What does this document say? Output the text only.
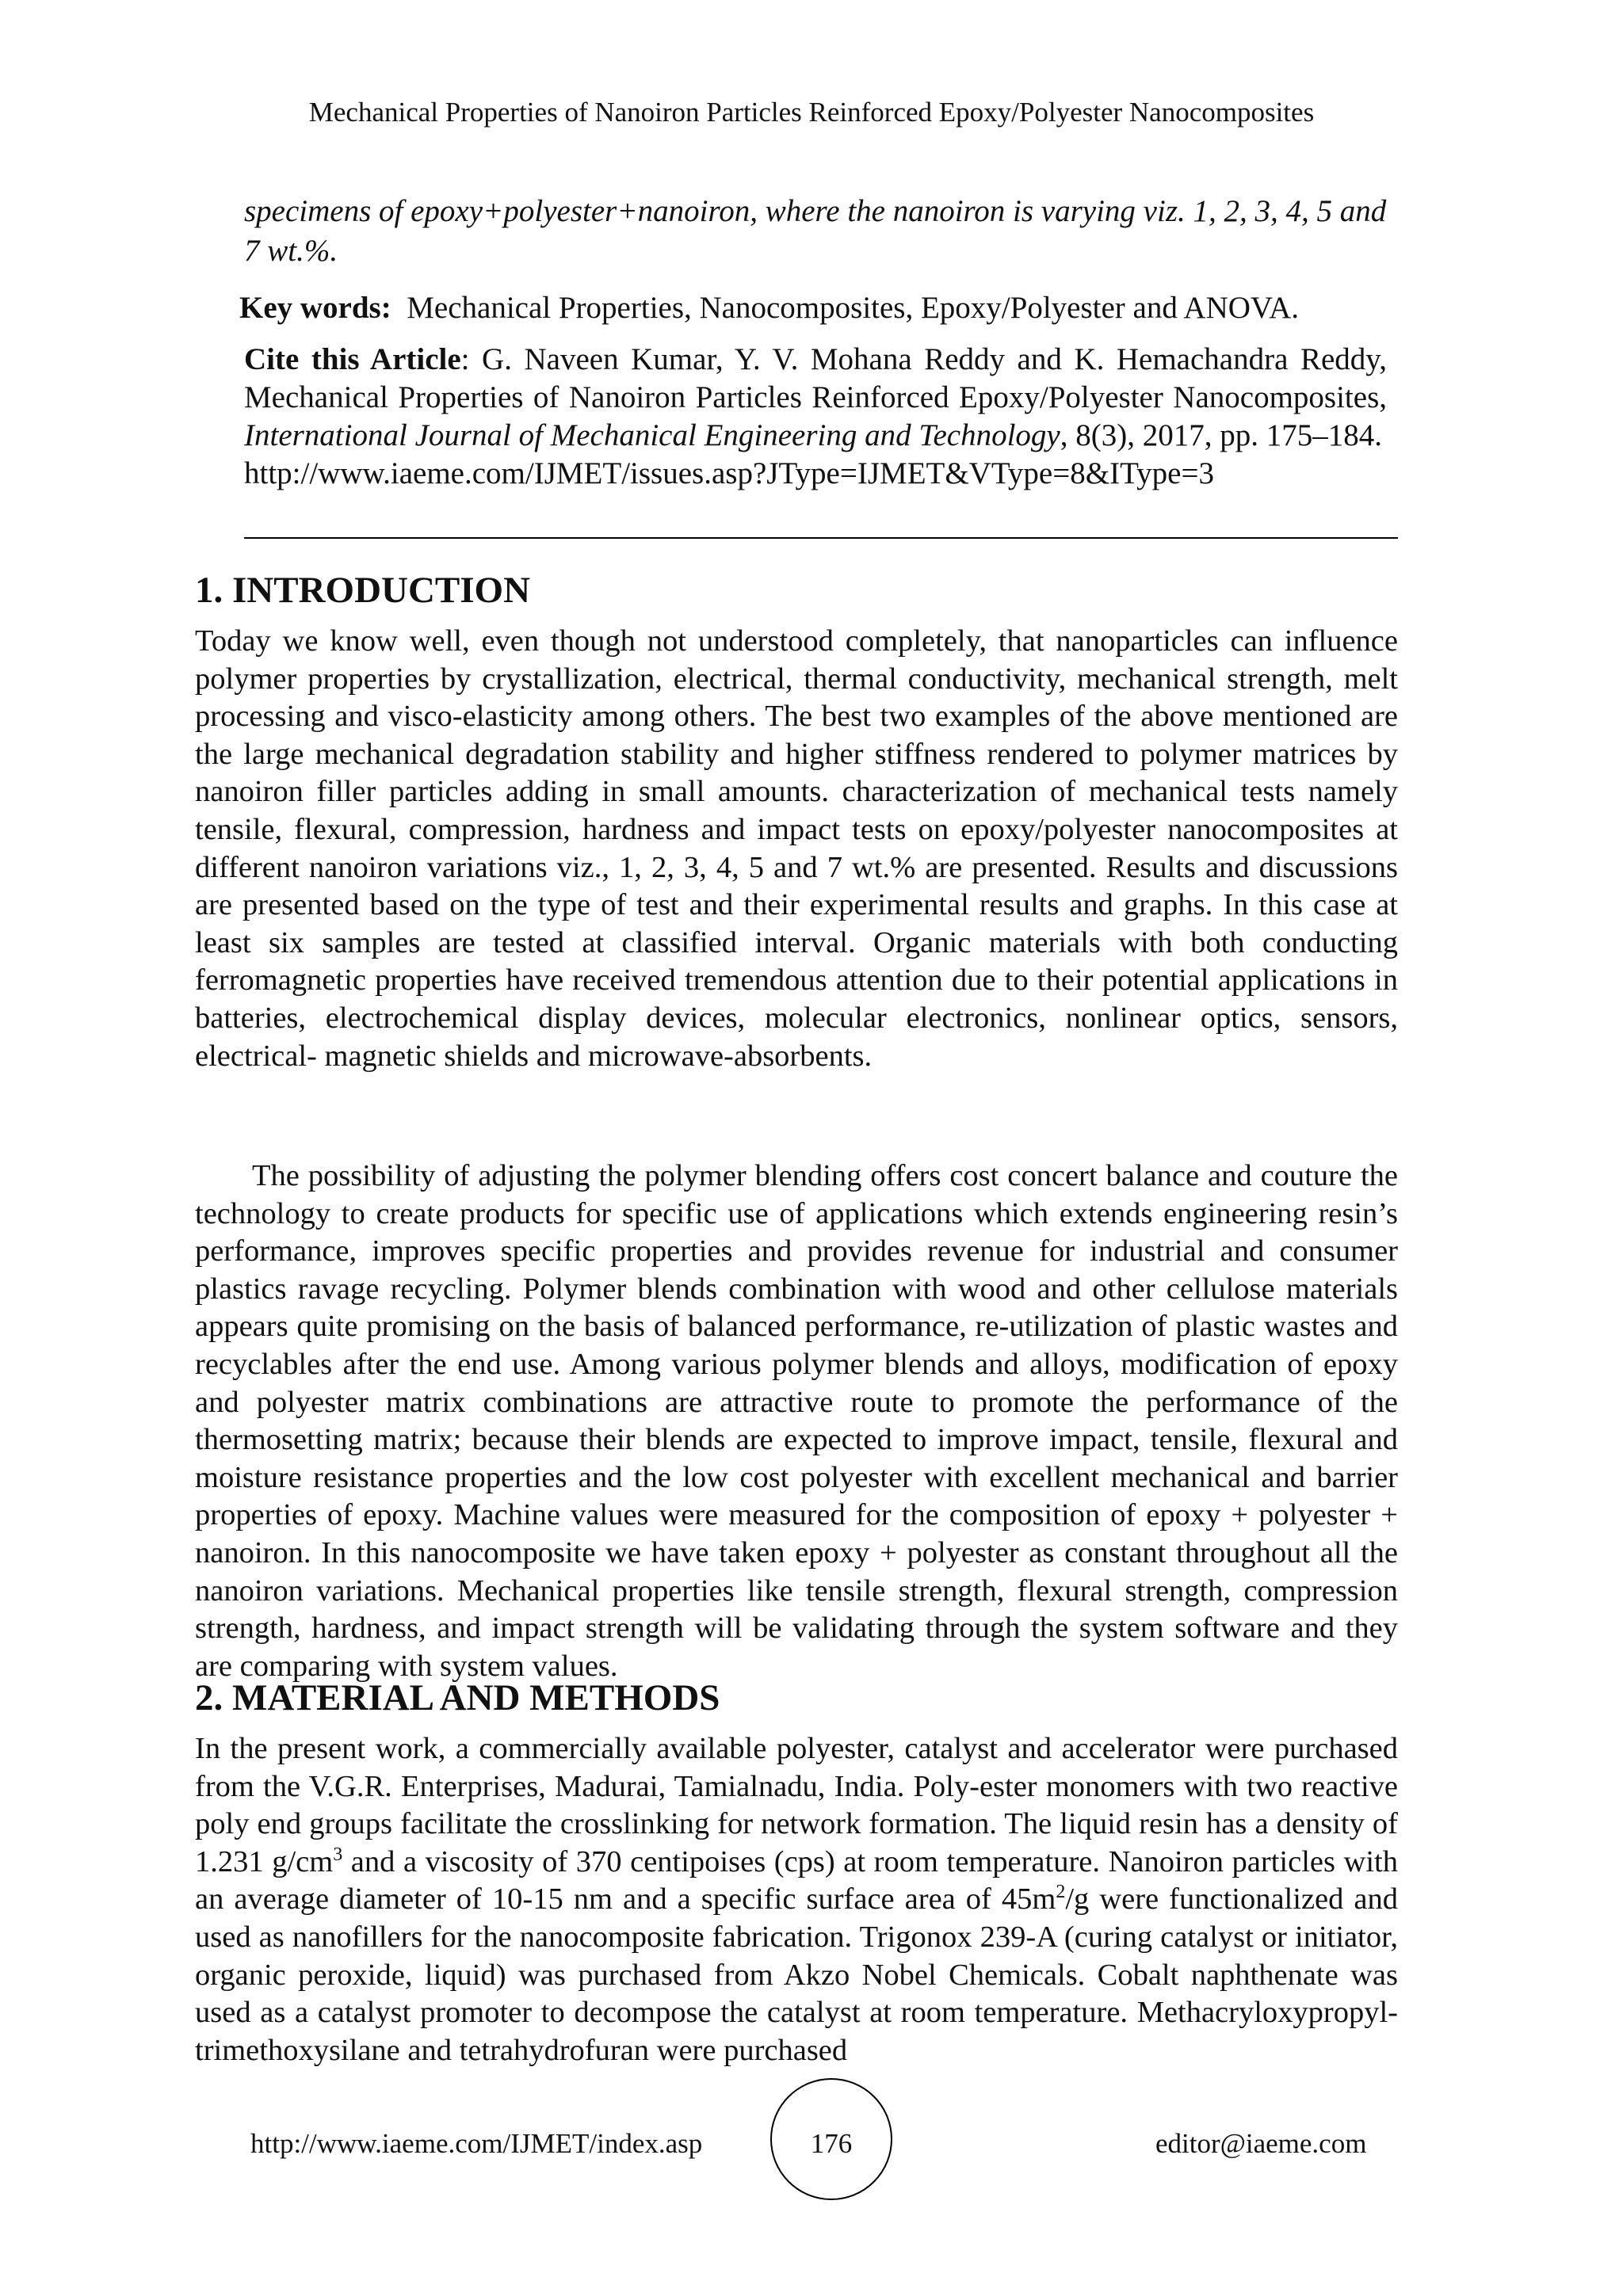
Mechanical Properties of Nanoiron Particles Reinforced Epoxy/Polyester Nanocomposites
specimens of epoxy+polyester+nanoiron, where the nanoiron is varying viz. 1, 2, 3, 4, 5 and 7 wt.%.
Key words: Mechanical Properties, Nanocomposites, Epoxy/Polyester and ANOVA.
Cite this Article: G. Naveen Kumar, Y. V. Mohana Reddy and K. Hemachandra Reddy, Mechanical Properties of Nanoiron Particles Reinforced Epoxy/Polyester Nanocomposites, International Journal of Mechanical Engineering and Technology, 8(3), 2017, pp. 175–184.
http://www.iaeme.com/IJMET/issues.asp?JType=IJMET&VType=8&IType=3
1. INTRODUCTION

Today we know well, even though not understood completely, that nanoparticles can influence polymer properties by crystallization, electrical, thermal conductivity, mechanical strength, melt processing and visco-elasticity among others. The best two examples of the above mentioned are the large mechanical degradation stability and higher stiffness rendered to polymer matrices by nanoiron filler particles adding in small amounts. characterization of mechanical tests namely tensile, flexural, compression, hardness and impact tests on epoxy/polyester nanocomposites at different nanoiron variations viz., 1, 2, 3, 4, 5 and 7 wt.% are presented. Results and discussions are presented based on the type of test and their experimental results and graphs. In this case at least six samples are tested at classified interval. Organic materials with both conducting ferromagnetic properties have received tremendous attention due to their potential applications in batteries, electrochemical display devices, molecular electronics, nonlinear optics, sensors, electrical- magnetic shields and microwave-absorbents.

The possibility of adjusting the polymer blending offers cost concert balance and couture the technology to create products for specific use of applications which extends engineering resin’s performance, improves specific properties and provides revenue for industrial and consumer plastics ravage recycling. Polymer blends combination with wood and other cellulose materials appears quite promising on the basis of balanced performance, re-utilization of plastic wastes and recyclables after the end use. Among various polymer blends and alloys, modification of epoxy and polyester matrix combinations are attractive route to promote the performance of the thermosetting matrix; because their blends are expected to improve impact, tensile, flexural and moisture resistance properties and the low cost polyester with excellent mechanical and barrier properties of epoxy. Machine values were measured for the composition of epoxy + polyester + nanoiron. In this nanocomposite we have taken epoxy + polyester as constant throughout all the nanoiron variations. Mechanical properties like tensile strength, flexural strength, compression strength, hardness, and impact strength will be validating through the system software and they are comparing with system values.

2. MATERIAL AND METHODS

In the present work, a commercially available polyester, catalyst and accelerator were purchased from the V.G.R. Enterprises, Madurai, Tamialnadu, India. Poly-ester monomers with two reactive poly end groups facilitate the crosslinking for network formation. The liquid resin has a density of 1.231 $g/cm^3$ and a viscosity of 370 centipoises (cps) at room temperature. Nanoiron particles with an average diameter of 10-15 nm and a specific surface area of $45m^2/g$ were functionalized and used as nanofillers for the nanocomposite fabrication. Trigonox 239-A (curing catalyst or initiator, organic peroxide, liquid) was purchased from Akzo Nobel Chemicals. Cobalt naphthenate was used as a catalyst promoter to decompose the catalyst at room temperature. Methacryloxypropyl-trimethoxysilane and tetrahydrofuran were purchased

http://www.iaeme.com/IJMET/index.asp	176	editor@iaeme.com
